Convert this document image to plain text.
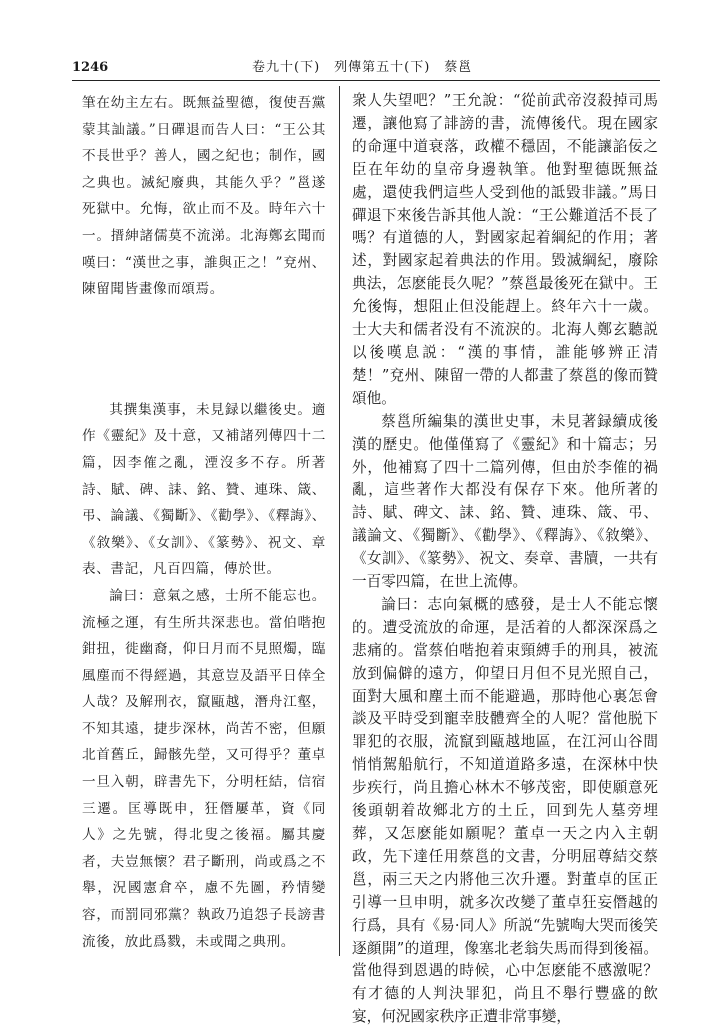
1246	卷九十(下)　列傳第五十(下)　蔡邕

筆在幼主左右。既無益聖德，復使吾黨蒙其訕議。”日磾退而告人曰：“王公其不長世乎？善人，國之紀也；制作，國之典也。滅紀廢典，其能久乎？”邕遂死獄中。允悔，欲止而不及。時年六十一。搢紳諸儒莫不流涕。北海鄭玄聞而嘆曰：“漢世之事，誰與正之！”兗州、陳留聞皆畫像而頌焉。

其撰集漢事，未見録以繼後史。適作《靈紀》及十意，又補諸列傳四十二篇，因李傕之亂，湮沒多不存。所著詩、賦、碑、誄、銘、贊、連珠、箴、弔、論議、《獨斷》、《勸學》、《釋誨》、《敘樂》、《女訓》、《篆勢》、祝文、章表、書記，凡百四篇，傳於世。

論曰：意氣之感，士所不能忘也。流極之運，有生所共深悲也。當伯喈抱鉗扭，徙幽裔，仰日月而不見照燭，臨風塵而不得經過，其意豈及語平日倖全人哉？及解刑衣，竄甌越，潛舟江壑，不知其遠，捷步深林，尚苦不密，但願北首舊丘，歸骸先塋，又可得乎？董卓一旦入朝，辟書先下，分明枉結，信宿三遷。匡導既申，狂僭屢革，資《同人》之先號，得北叟之後福。屬其慶者，夫豈無懷？君子斷刑，尚或爲之不舉，況國憲倉卒，慮不先圖，矜情變容，而罰同邪黨？執政乃追怨子長謗書流後，放此爲戮，未或聞之典刑。

衆人失望吧？”王允說：“從前武帝沒殺掉司馬遷，讓他寫了誹謗的書，流傳後代。現在國家的命運中道衰落，政權不穩固，不能讓諂佞之臣在年幼的皇帝身邊執筆。他對聖德既無益處，還使我們這些人受到他的詆毀非議。”馬日磾退下來後告訴其他人說：“王公難道活不長了嗎？有道德的人，對國家起着綱紀的作用；著述，對國家起着典法的作用。毀滅綱紀，廢除典法，怎麽能長久呢？”蔡邕最後死在獄中。王允後悔，想阻止但没能趕上。終年六十一歲。士大夫和儒者没有不流淚的。北海人鄭玄聽説以後嘆息説：“漢的事情，誰能够辨正清楚！”兗州、陳留一帶的人都畫了蔡邕的像而贊頌他。

蔡邕所編集的漢世史事，未見著録續成後漢的歷史。他僅僅寫了《靈紀》和十篇志；另外，他補寫了四十二篇列傳，但由於李傕的禍亂，這些著作大都没有保存下來。他所著的詩、賦、碑文、誄、銘、贊、連珠、箴、弔、議論文、《獨斷》、《勸學》、《釋誨》、《敘樂》、《女訓》、《篆勢》、祝文、奏章、書牘，一共有一百零四篇，在世上流傳。

論曰：志向氣概的感發，是士人不能忘懷的。遭受流放的命運，是活着的人都深深爲之悲痛的。當蔡伯喈抱着束頸縛手的刑具，被流放到偏僻的遠方，仰望日月但不見光照自己，面對大風和塵土而不能避過，那時他心裏怎會談及平時受到寵幸肢體齊全的人呢？當他脱下罪犯的衣服，流竄到甌越地區，在江河山谷間悄悄駕船航行，不知道道路多遠，在深林中快步疾行，尚且擔心林木不够茂密，即使願意死後頭朝着故鄉北方的土丘，回到先人墓旁埋葬，又怎麽能如願呢？董卓一天之内入主朝政，先下達任用蔡邕的文書，分明屈尊結交蔡邕，兩三天之内將他三次升遷。對董卓的匡正引導一旦申明，就多次改變了董卓狂妄僭越的行爲，具有《易·同人》所説“先號啕大哭而後笑逐顔開”的道理，像塞北老翁失馬而得到後福。當他得到恩遇的時候，心中怎麽能不感激呢？有才德的人判決罪犯，尚且不舉行豐盛的飲宴，何況國家秩序正遭非常事變，
